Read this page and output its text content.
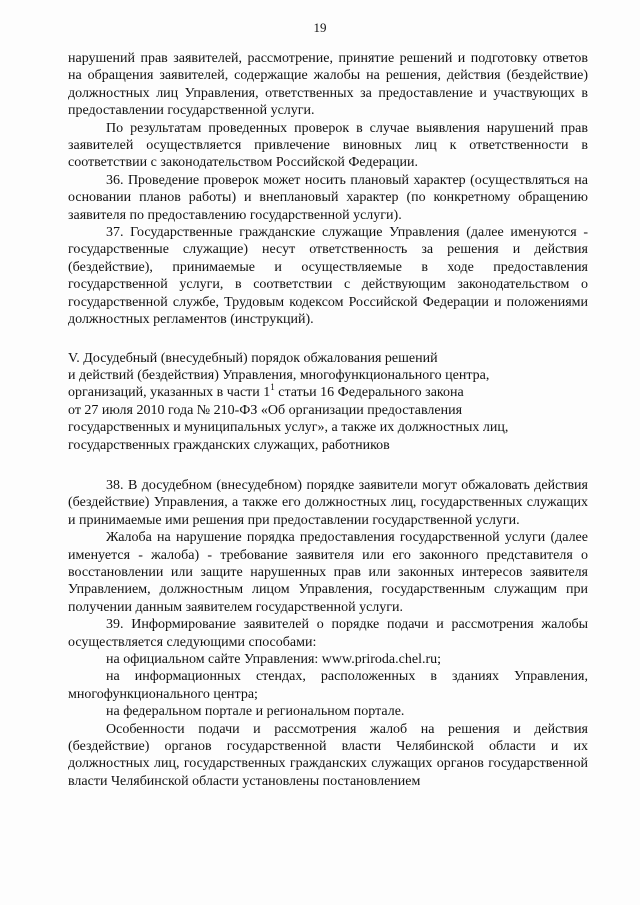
19

нарушений прав заявителей, рассмотрение, принятие решений и подготовку ответов на обращения заявителей, содержащие жалобы на решения, действия (бездействие) должностных лиц Управления, ответственных за предоставление и участвующих в предоставлении государственной услуги.

По результатам проведенных проверок в случае выявления нарушений прав заявителей осуществляется привлечение виновных лиц к ответственности в соответствии с законодательством Российской Федерации.

36. Проведение проверок может носить плановый характер (осуществляться на основании планов работы) и внеплановый характер (по конкретному обращению заявителя по предоставлению государственной услуги).

37. Государственные гражданские служащие Управления (далее именуются - государственные служащие) несут ответственность за решения и действия (бездействие), принимаемые и осуществляемые в ходе предоставления государственной услуги, в соответствии с действующим законодательством о государственной службе, Трудовым кодексом Российской Федерации и положениями должностных регламентов (инструкций).

V. Досудебный (внесудебный) порядок обжалования решений

и действий (бездействия) Управления, многофункционального центра,

организаций, указанных в части $1^1$ статьи 16 Федерального закона

от 27 июля 2010 года № 210-ФЗ «Об организации предоставления

государственных и муниципальных услуг», а также их должностных лиц,

государственных гражданских служащих, работников

38. В досудебном (внесудебном) порядке заявители могут обжаловать действия (бездействие) Управления, а также его должностных лиц, государственных служащих и принимаемые ими решения при предоставлении государственной услуги.

Жалоба на нарушение порядка предоставления государственной услуги (далее именуется - жалоба) - требование заявителя или его законного представителя о восстановлении или защите нарушенных прав или законных интересов заявителя Управлением, должностным лицом Управления, государственным служащим при получении данным заявителем государственной услуги.

39. Информирование заявителей о порядке подачи и рассмотрения жалобы осуществляется следующими способами:

на официальном сайте Управления: www.priroda.chel.ru;

на информационных стендах, расположенных в зданиях Управления, многофункционального центра;

на федеральном портале и региональном портале.

Особенности подачи и рассмотрения жалоб на решения и действия (бездействие) органов государственной власти Челябинской области и их должностных лиц, государственных гражданских служащих органов государственной власти Челябинской области установлены постановлением
